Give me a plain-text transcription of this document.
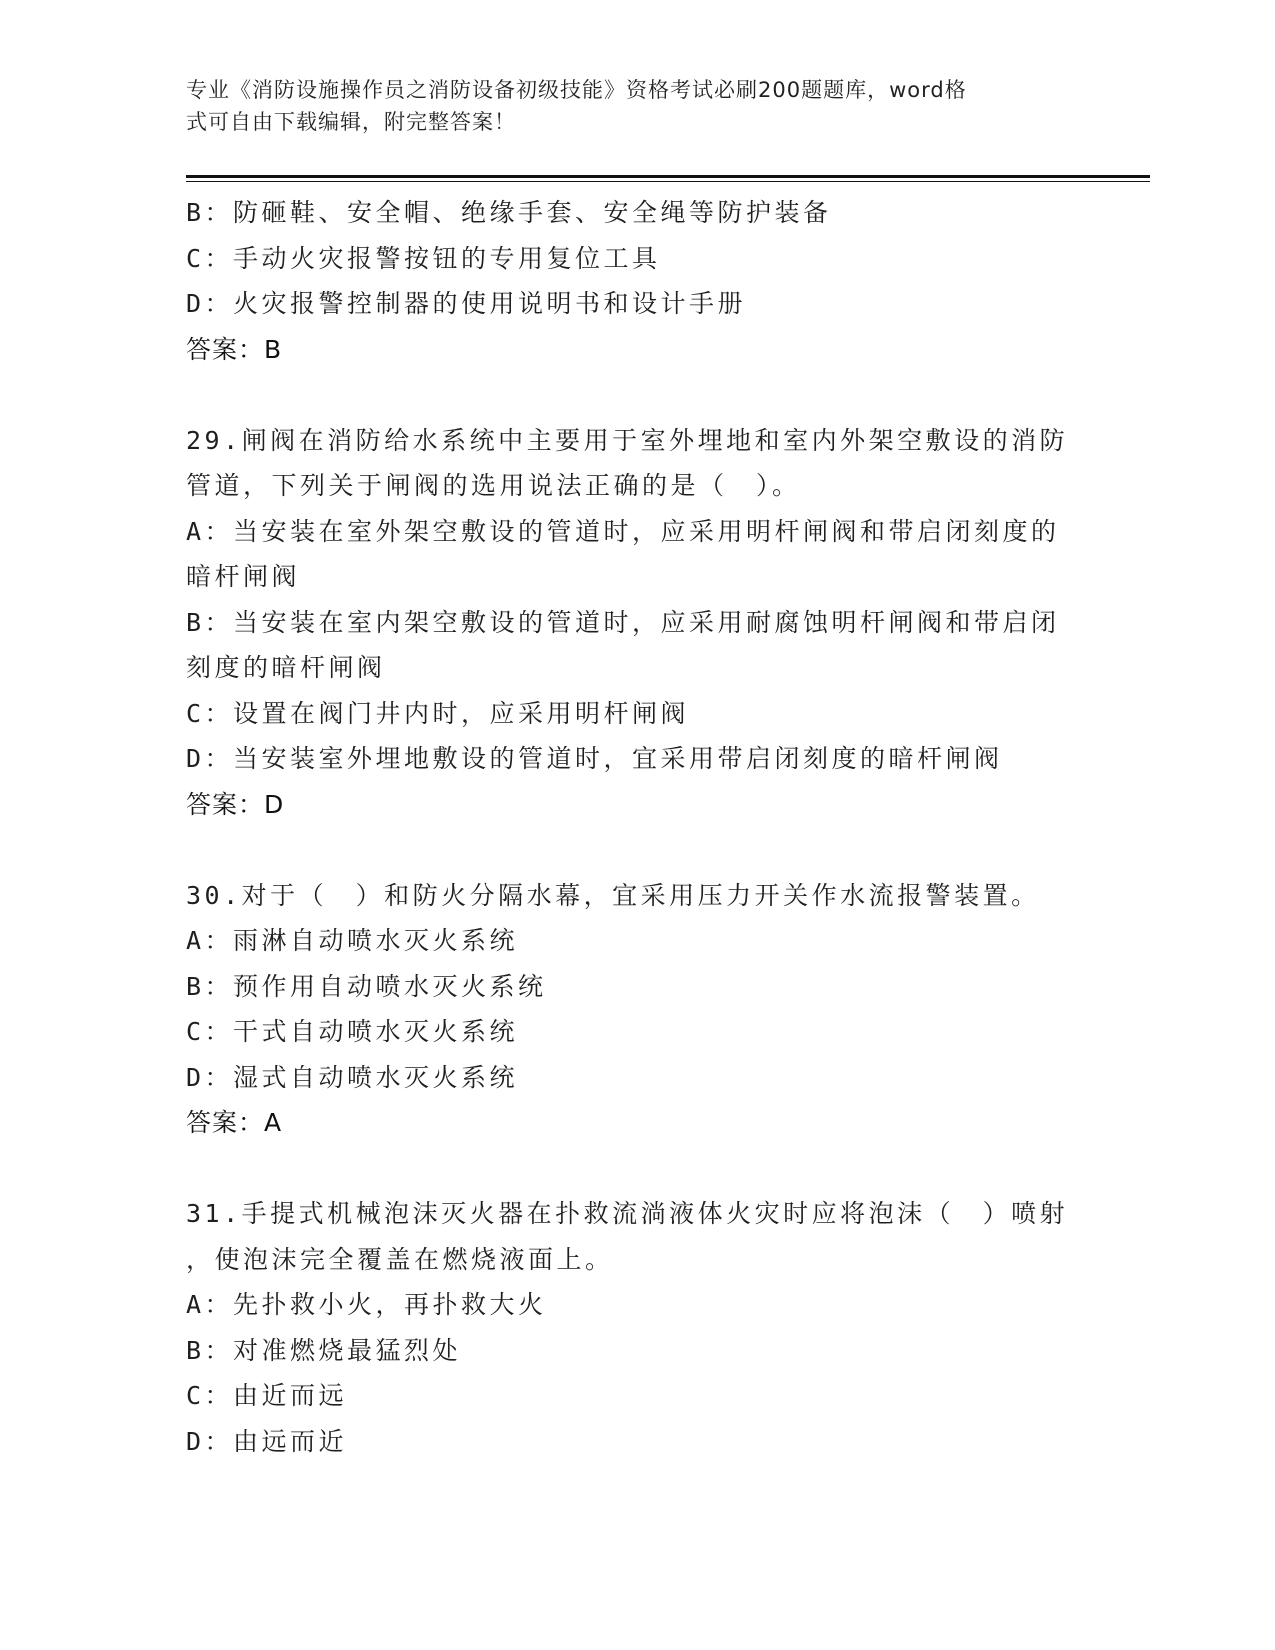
专业《消防设施操作员之消防设备初级技能》资格考试必刷200题题库，word格
式可自由下载编辑，附完整答案！
B：防砸鞋、安全帽、绝缘手套、安全绳等防护装备
C：手动火灾报警按钮的专用复位工具
D：火灾报警控制器的使用说明书和设计手册
答案：B
29.闸阀在消防给水系统中主要用于室外埋地和室内外架空敷设的消防
管道，下列关于闸阀的选用说法正确的是（　）。
A：当安装在室外架空敷设的管道时，应采用明杆闸阀和带启闭刻度的
暗杆闸阀
B：当安装在室内架空敷设的管道时，应采用耐腐蚀明杆闸阀和带启闭
刻度的暗杆闸阀
C：设置在阀门井内时，应采用明杆闸阀
D：当安装室外埋地敷设的管道时，宜采用带启闭刻度的暗杆闸阀
答案：D
30.对于（　）和防火分隔水幕，宜采用压力开关作水流报警装置。
A：雨淋自动喷水灭火系统
B：预作用自动喷水灭火系统
C：干式自动喷水灭火系统
D：湿式自动喷水灭火系统
答案：A
31.手提式机械泡沫灭火器在扑救流淌液体火灾时应将泡沫（　）喷射
，使泡沫完全覆盖在燃烧液面上。
A：先扑救小火，再扑救大火
B：对准燃烧最猛烈处
C：由近而远
D：由远而近
